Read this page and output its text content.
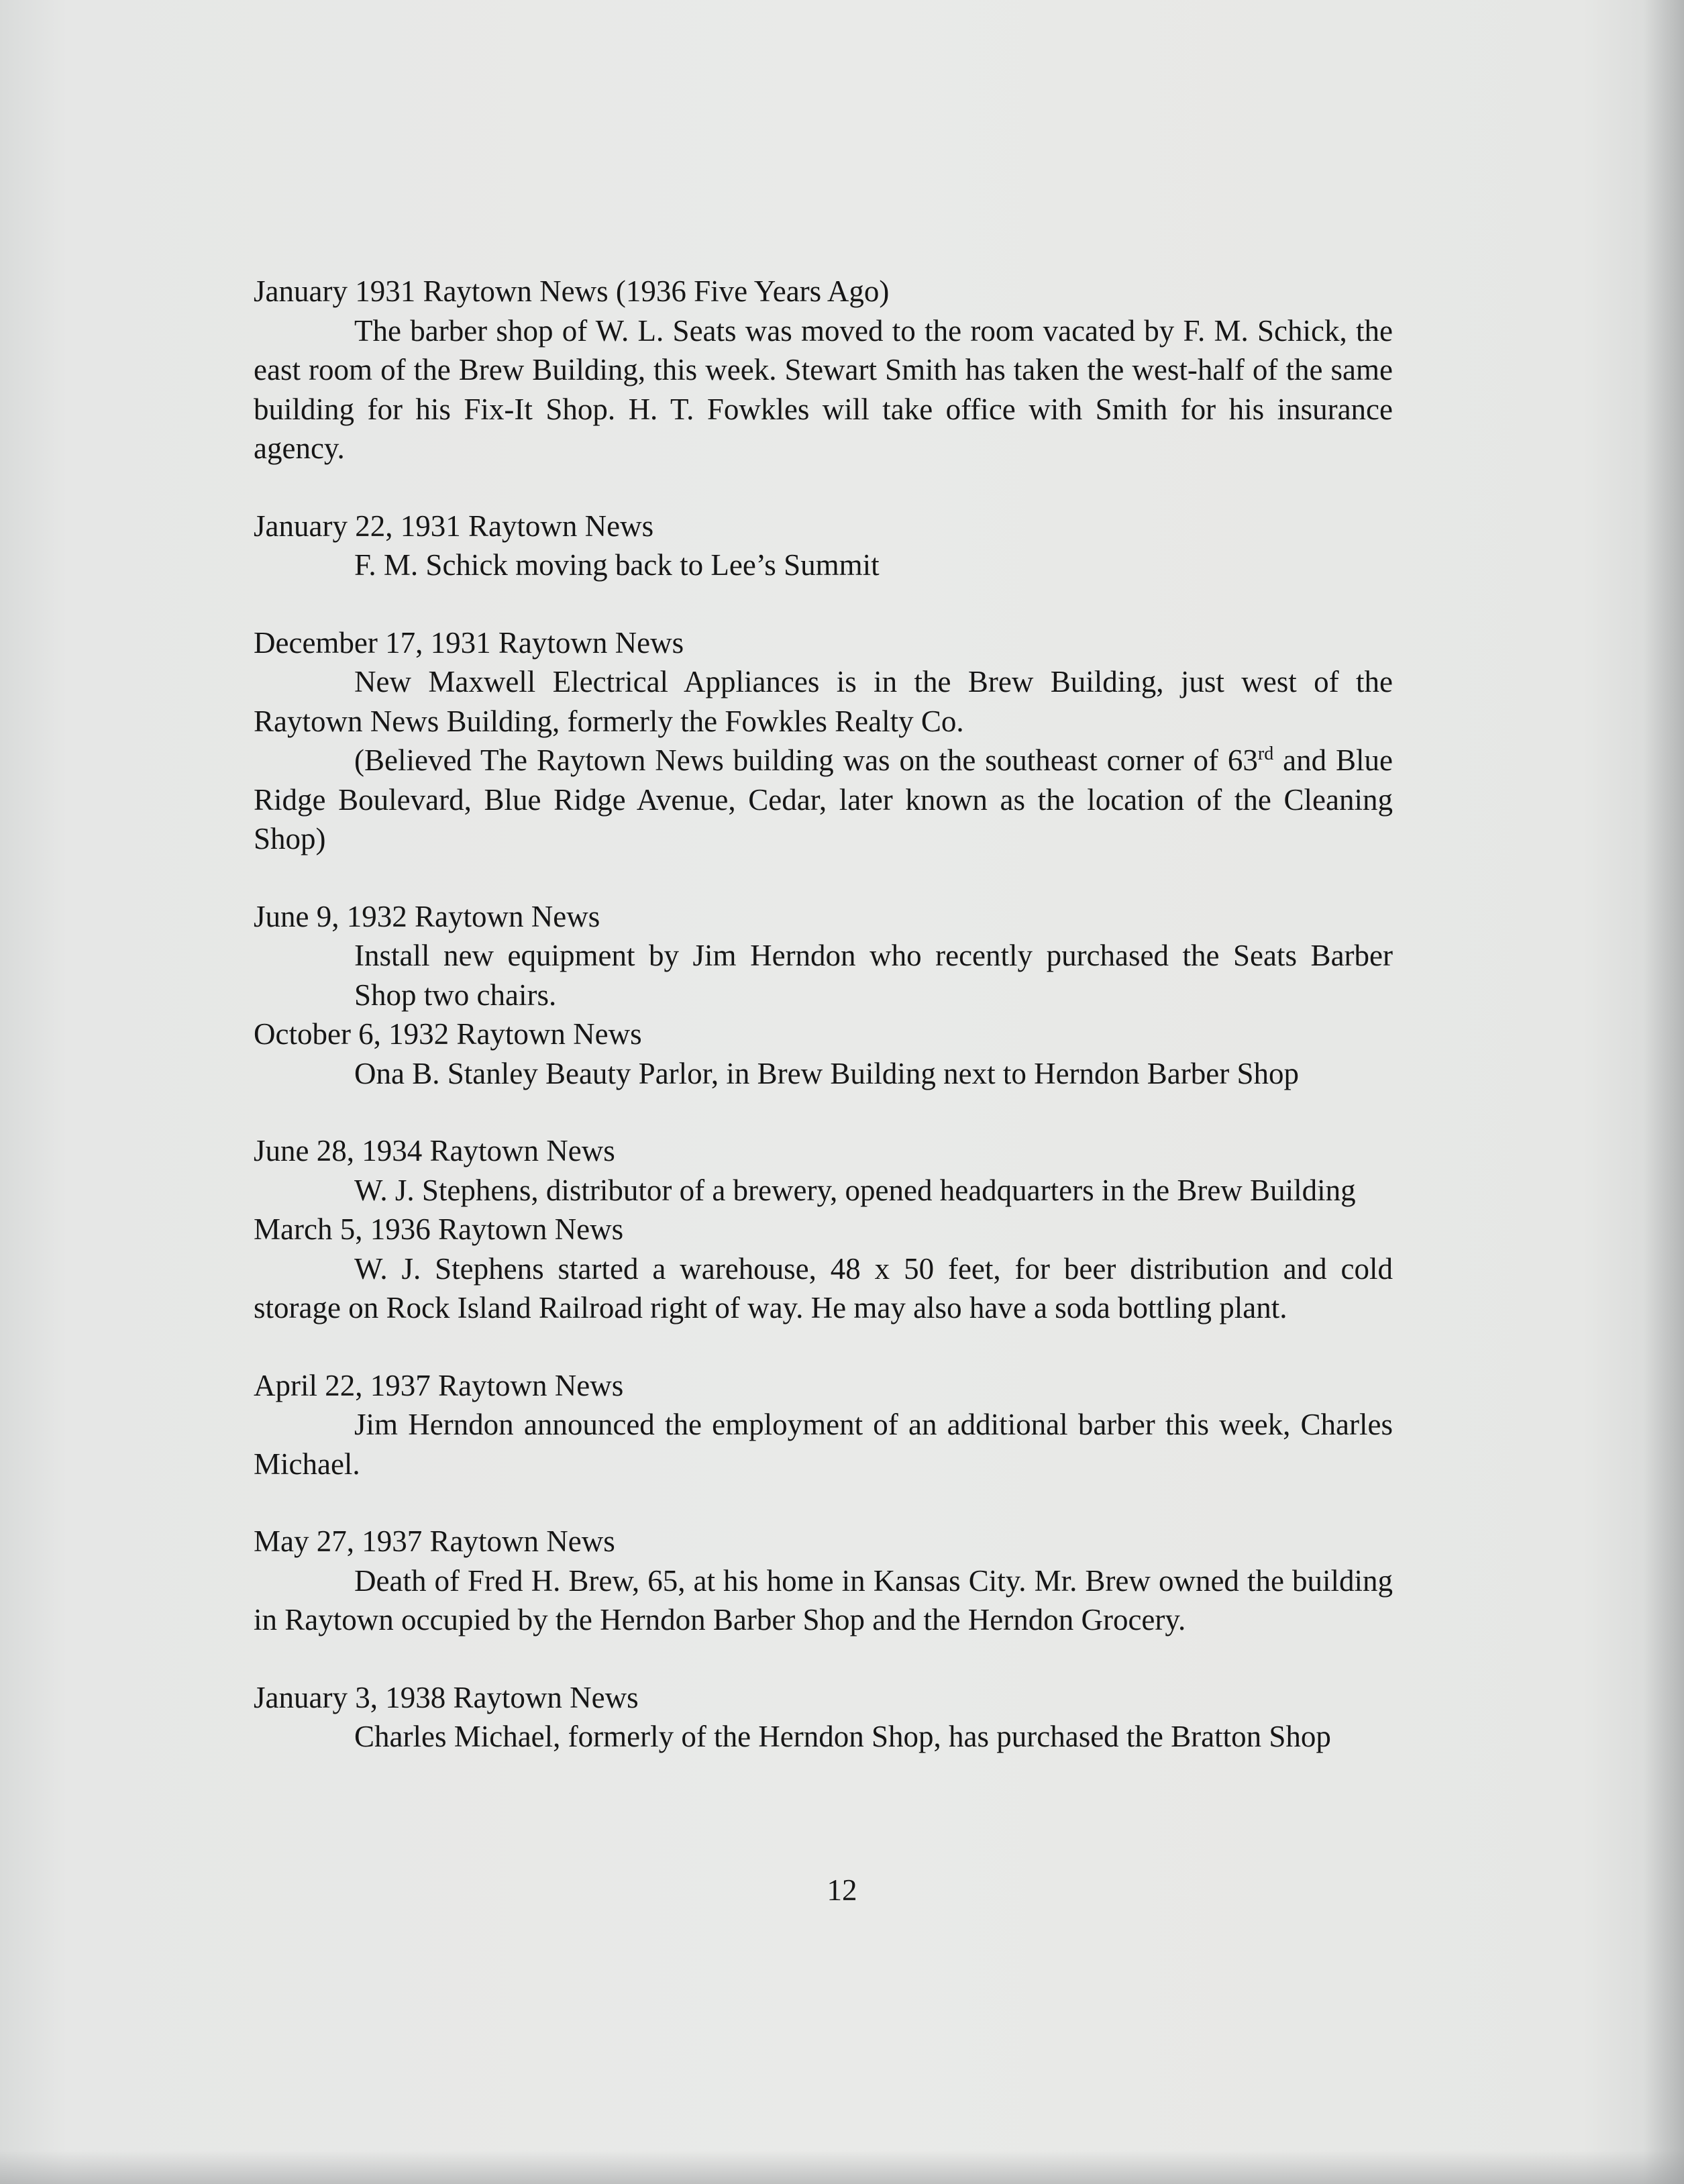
January 1931 Raytown News (1936 Five Years Ago)
The barber shop of W. L. Seats was moved to the room vacated by F. M. Schick, the east room of the Brew Building, this week. Stewart Smith has taken the west-half of the same building for his Fix-It Shop. H. T. Fowkles will take office with Smith for his insurance agency.
January 22, 1931 Raytown News
F. M. Schick moving back to Lee’s Summit
December 17, 1931 Raytown News
New Maxwell Electrical Appliances is in the Brew Building, just west of the Raytown News Building, formerly the Fowkles Realty Co.
(Believed The Raytown News building was on the southeast corner of 63rd and Blue Ridge Boulevard, Blue Ridge Avenue, Cedar, later known as the location of the Cleaning Shop)
June 9, 1932 Raytown News
Install new equipment by Jim Herndon who recently purchased the Seats Barber Shop two chairs.
October 6, 1932 Raytown News
Ona B. Stanley Beauty Parlor, in Brew Building next to Herndon Barber Shop
June 28, 1934 Raytown News
W. J. Stephens, distributor of a brewery, opened headquarters in the Brew Building
March 5, 1936 Raytown News
W. J. Stephens started a warehouse, 48 x 50 feet, for beer distribution and cold storage on Rock Island Railroad right of way. He may also have a soda bottling plant.
April 22, 1937 Raytown News
Jim Herndon announced the employment of an additional barber this week, Charles Michael.
May 27, 1937 Raytown News
Death of Fred H. Brew, 65, at his home in Kansas City. Mr. Brew owned the building in Raytown occupied by the Herndon Barber Shop and the Herndon Grocery.
January 3, 1938 Raytown News
Charles Michael, formerly of the Herndon Shop, has purchased the Bratton Shop
12
